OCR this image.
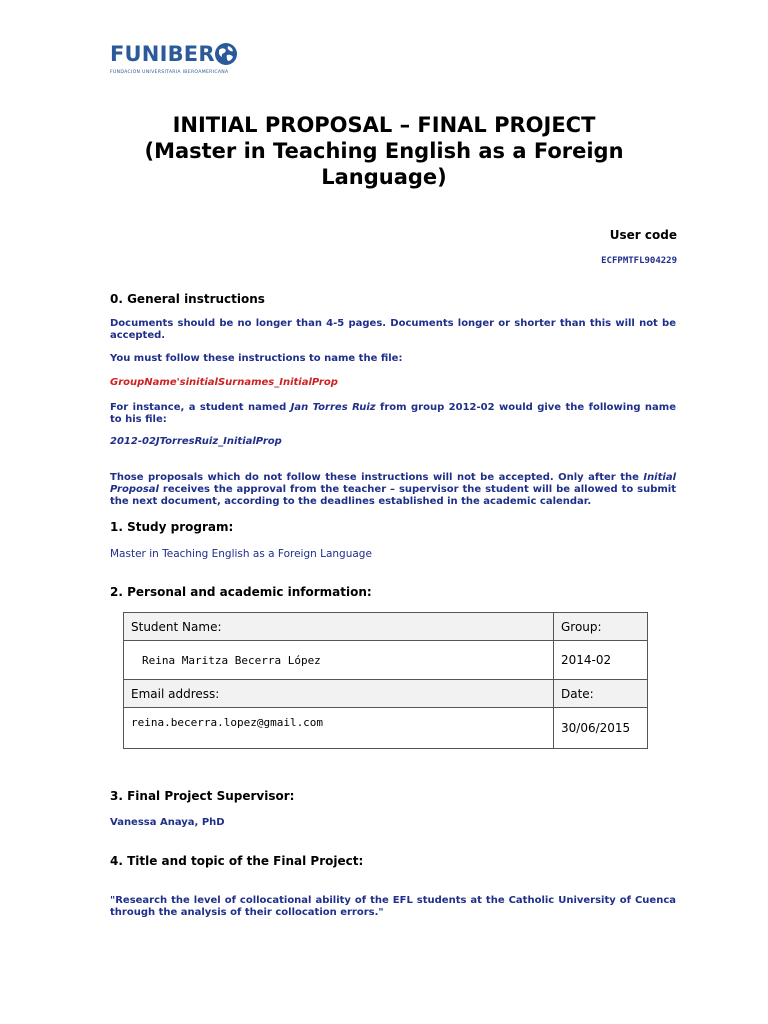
FUNIBER
FUNDACIÓN UNIVERSITARIA IBEROAMERICANA
INITIAL PROPOSAL – FINAL PROJECT
(Master in Teaching English as a Foreign
Language)
User code
ECFPMTFL904229
0. General instructions
Documents should be no longer than 4-5 pages. Documents longer or shorter than this will not be accepted.
You must follow these instructions to name the file:
GroupName'sinitialSurnames_InitialProp
For instance, a student named Jan Torres Ruiz from group 2012-02 would give the following name to his file:
2012-02JTorresRuiz_InitialProp
Those proposals which do not follow these instructions will not be accepted. Only after the Initial Proposal receives the approval from the teacher – supervisor the student will be allowed to submit the next document, according to the deadlines established in the academic calendar.
1. Study program:
Master in Teaching English as a Foreign Language
2. Personal and academic information:
Student Name:	Group:
Reina Maritza Becerra López	2014-02
Email address:	Date:
reina.becerra.lopez@gmail.com	30/06/2015
3. Final Project Supervisor:
Vanessa Anaya, PhD
4. Title and topic of the Final Project:
"Research the level of collocational ability of the EFL students at the Catholic University of Cuenca through the analysis of their collocation errors."
